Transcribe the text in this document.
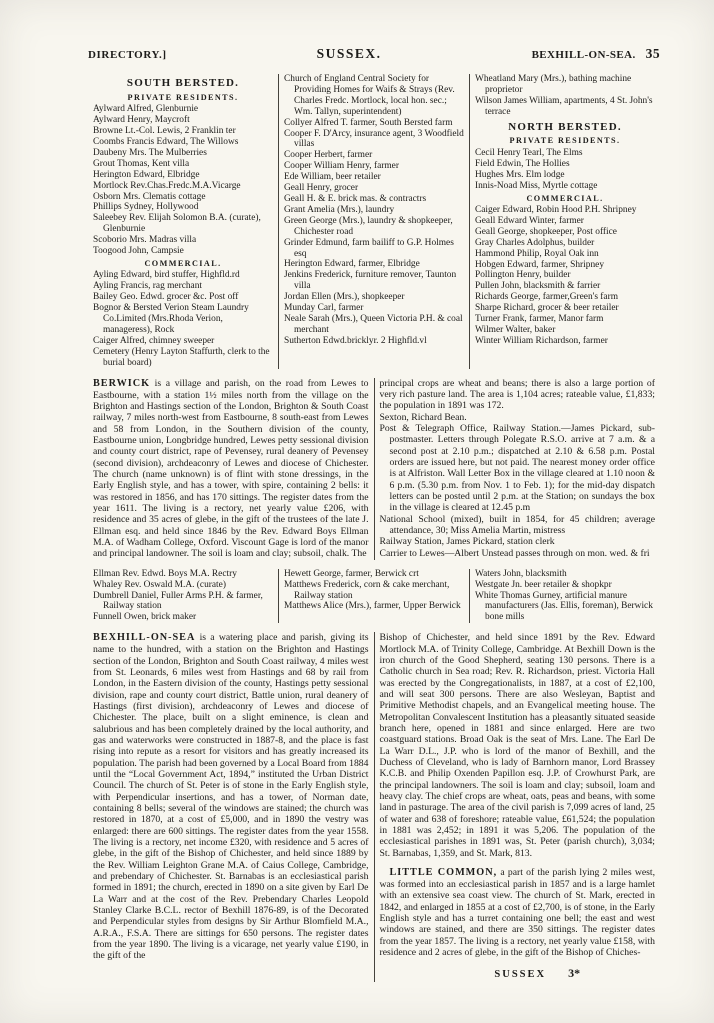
DIRECTORY.]	SUSSEX.	BEXHILL-ON-SEA. 35
SOUTH BERSTED.
PRIVATE RESIDENTS.
Aylward Alfred, Glenburnie
Aylward Henry, Maycroft
Browne Lt.-Col. Lewis, 2 Franklin ter
Coombs Francis Edward, The Willows
Daubeny Mrs. The Mulberries
Grout Thomas, Kent villa
Herington Edward, Elbridge
Mortlock Rev.Chas.Fredc.M.A.Vicarge
Osborn Mrs. Clematis cottage
Phillips Sydney, Hollywood
Saleebey Rev. Elijah Solomon B.A. (curate), Glenburnie
Scoborio Mrs. Madras villa
Toogood John, Campsie
COMMERCIAL.
Ayling Edward, bird stuffer, Highfld.rd
Ayling Francis, rag merchant
Bailey Geo. Edwd. grocer &c. Post off
Bognor & Bersted Verion Steam Laundry Co.Limited (Mrs.Rhoda Verion, manageress), Rock
Caiger Alfred, chimney sweeper
Cemetery (Henry Layton Staffurth, clerk to the burial board)
Church of England Central Society for Providing Homes for Waifs & Strays (Rev. Charles Fredc. Mortlock, local hon. sec.; Wm. Tallyn, superintendent)
Collyer Alfred T. farmer, South Bersted farm
Cooper F. D'Arcy, insurance agent, 3 Woodfield villas
Cooper Herbert, farmer
Cooper William Henry, farmer
Ede William, beer retailer
Geall Henry, grocer
Geall H. & E. brick mas. & contractrs
Grant Amelia (Mrs.), laundry
Green George (Mrs.), laundry & shopkeeper, Chichester road
Grinder Edmund, farm bailiff to G.P. Holmes esq
Herington Edward, farmer, Elbridge
Jenkins Frederick, furniture remover, Taunton villa
Jordan Ellen (Mrs.), shopkeeper
Munday Carl, farmer
Neale Sarah (Mrs.), Queen Victoria P.H. & coal merchant
Sutherton Edwd.bricklyr. 2 Highfld.vl
Wheatland Mary (Mrs.), bathing machine proprietor
Wilson James William, apartments, 4 St. John's terrace
NORTH BERSTED.
PRIVATE RESIDENTS.
Cecil Henry Tearl, The Elms
Field Edwin, The Hollies
Hughes Mrs. Elm lodge
Innis-Noad Miss, Myrtle cottage
COMMERCIAL.
Caiger Edward, Robin Hood P.H. Shripney
Geall Edward Winter, farmer
Geall George, shopkeeper, Post office
Gray Charles Adolphus, builder
Hammond Philip, Royal Oak inn
Hobgen Edward, farmer, Shripney
Pollington Henry, builder
Pullen John, blacksmith & farrier
Richards George, farmer,Green's farm
Sharpe Richard, grocer & beer retailer
Turner Frank, farmer, Manor farm
Wilmer Walter, baker
Winter William Richardson, farmer
BERWICK is a village and parish, on the road from Lewes to Eastbourne, with a station 1½ miles north from the village on the Brighton and Hastings section of the London, Brighton & South Coast railway, 7 miles north-west from Eastbourne, 8 south-east from Lewes and 58 from London, in the Southern division of the county, Eastbourne union, Longbridge hundred, Lewes petty sessional division and county court district, rape of Pevensey, rural deanery of Pevensey (second division), archdeaconry of Lewes and diocese of Chichester. The church (name unknown) is of flint with stone dressings, in the Early English style, and has a tower, with spire, containing 2 bells: it was restored in 1856, and has 170 sittings. The register dates from the year 1611. The living is a rectory, net yearly value £206, with residence and 35 acres of glebe, in the gift of the trustees of the late J. Ellman esq. and held since 1846 by the Rev. Edward Boys Ellman M.A. of Wadham College, Oxford. Viscount Gage is lord of the manor and principal landowner. The soil is loam and clay; subsoil, chalk. The
principal crops are wheat and beans; there is also a large portion of very rich pasture land. The area is 1,104 acres; rateable value, £1,833; the population in 1891 was 172.
Sexton, Richard Bean.
Post & Telegraph Office, Railway Station.—James Pickard, sub-postmaster. Letters through Polegate R.S.O. arrive at 7 a.m. & a second post at 2.10 p.m.; dispatched at 2.10 & 6.58 p.m. Postal orders are issued here, but not paid. The nearest money order office is at Alfriston. Wall Letter Box in the village cleared at 1.10 noon & 6 p.m. (5.30 p.m. from Nov. 1 to Feb. 1); for the mid-day dispatch letters can be posted until 2 p.m. at the Station; on sundays the box in the village is cleared at 12.45 p.m
National School (mixed), built in 1854, for 45 children; average attendance, 30; Miss Amelia Martin, mistress
Railway Station, James Pickard, station clerk
Carrier to Lewes—Albert Unstead passes through on mon. wed. & fri
Ellman Rev. Edwd. Boys M.A. Rectry
Whaley Rev. Oswald M.A. (curate)
Dumbrell Daniel, Fuller Arms P.H. & farmer, Railway station
Funnell Owen, brick maker
Hewett George, farmer, Berwick crt
Matthews Frederick, corn & cake merchant, Railway station
Matthews Alice (Mrs.), farmer, Upper Berwick
Waters John, blacksmith
Westgate Jn. beer retailer & shopkpr
White Thomas Gurney, artificial manure manufacturers (Jas. Ellis, foreman), Berwick bone mills
BEXHILL-ON-SEA is a watering place and parish, giving its name to the hundred, with a station on the Brighton and Hastings section of the London, Brighton and South Coast railway, 4 miles west from St. Leonards, 6 miles west from Hastings and 68 by rail from London, in the Eastern division of the county, Hastings petty sessional division, rape and county court district, Battle union, rural deanery of Hastings (first division), archdeaconry of Lewes and diocese of Chichester. The place, built on a slight eminence, is clean and salubrious and has been completely drained by the local authority, and gas and waterworks were constructed in 1887-8, and the place is fast rising into repute as a resort for visitors and has greatly increased its population. The parish had been governed by a Local Board from 1884 until the “Local Government Act, 1894,” instituted the Urban District Council. The church of St. Peter is of stone in the Early English style, with Perpendicular insertions, and has a tower, of Norman date, containing 8 bells; several of the windows are stained; the church was restored in 1870, at a cost of £5,000, and in 1890 the vestry was enlarged: there are 600 sittings. The register dates from the year 1558. The living is a rectory, net income £320, with residence and 5 acres of glebe, in the gift of the Bishop of Chichester, and held since 1889 by the Rev. William Leighton Grane M.A. of Caius College, Cambridge, and prebendary of Chichester. St. Barnabas is an ecclesiastical parish formed in 1891; the church, erected in 1890 on a site given by Earl De La Warr and at the cost of the Rev. Prebendary Charles Leopold Stanley Clarke B.C.L. rector of Bexhill 1876-89, is of the Decorated and Perpendicular styles from designs by Sir Arthur Blomfield M.A., A.R.A., F.S.A. There are sittings for 650 persons. The register dates from the year 1890. The living is a vicarage, net yearly value £190, in the gift of the
Bishop of Chichester, and held since 1891 by the Rev. Edward Mortlock M.A. of Trinity College, Cambridge. At Bexhill Down is the iron church of the Good Shepherd, seating 130 persons. There is a Catholic church in Sea road; Rev. R. Richardson, priest. Victoria Hall was erected by the Congregationalists, in 1887, at a cost of £2,100, and will seat 300 persons. There are also Wesleyan, Baptist and Primitive Methodist chapels, and an Evangelical meeting house. The Metropolitan Convalescent Institution has a pleasantly situated seaside branch here, opened in 1881 and since enlarged. Here are two coastguard stations. Broad Oak is the seat of Mrs. Lane. The Earl De La Warr D.L., J.P. who is lord of the manor of Bexhill, and the Duchess of Cleveland, who is lady of Barnhorn manor, Lord Brassey K.C.B. and Philip Oxenden Papillon esq. J.P. of Crowhurst Park, are the principal landowners. The soil is loam and clay; subsoil, loam and heavy clay. The chief crops are wheat, oats, peas and beans, with some land in pasturage. The area of the civil parish is 7,099 acres of land, 25 of water and 638 of foreshore; rateable value, £61,524; the population in 1881 was 2,452; in 1891 it was 5,206. The population of the ecclesiastical parishes in 1891 was, St. Peter (parish church), 3,034; St. Barnabas, 1,359, and St. Mark, 813.
LITTLE COMMON, a part of the parish lying 2 miles west, was formed into an ecclesiastical parish in 1857 and is a large hamlet with an extensive sea coast view. The church of St. Mark, erected in 1842, and enlarged in 1855 at a cost of £2,700, is of stone, in the Early English style and has a turret containing one bell; the east and west windows are stained, and there are 350 sittings. The register dates from the year 1857. The living is a rectory, net yearly value £158, with residence and 2 acres of glebe, in the gift of the Bishop of Chiches-
SUSSEX 3*
